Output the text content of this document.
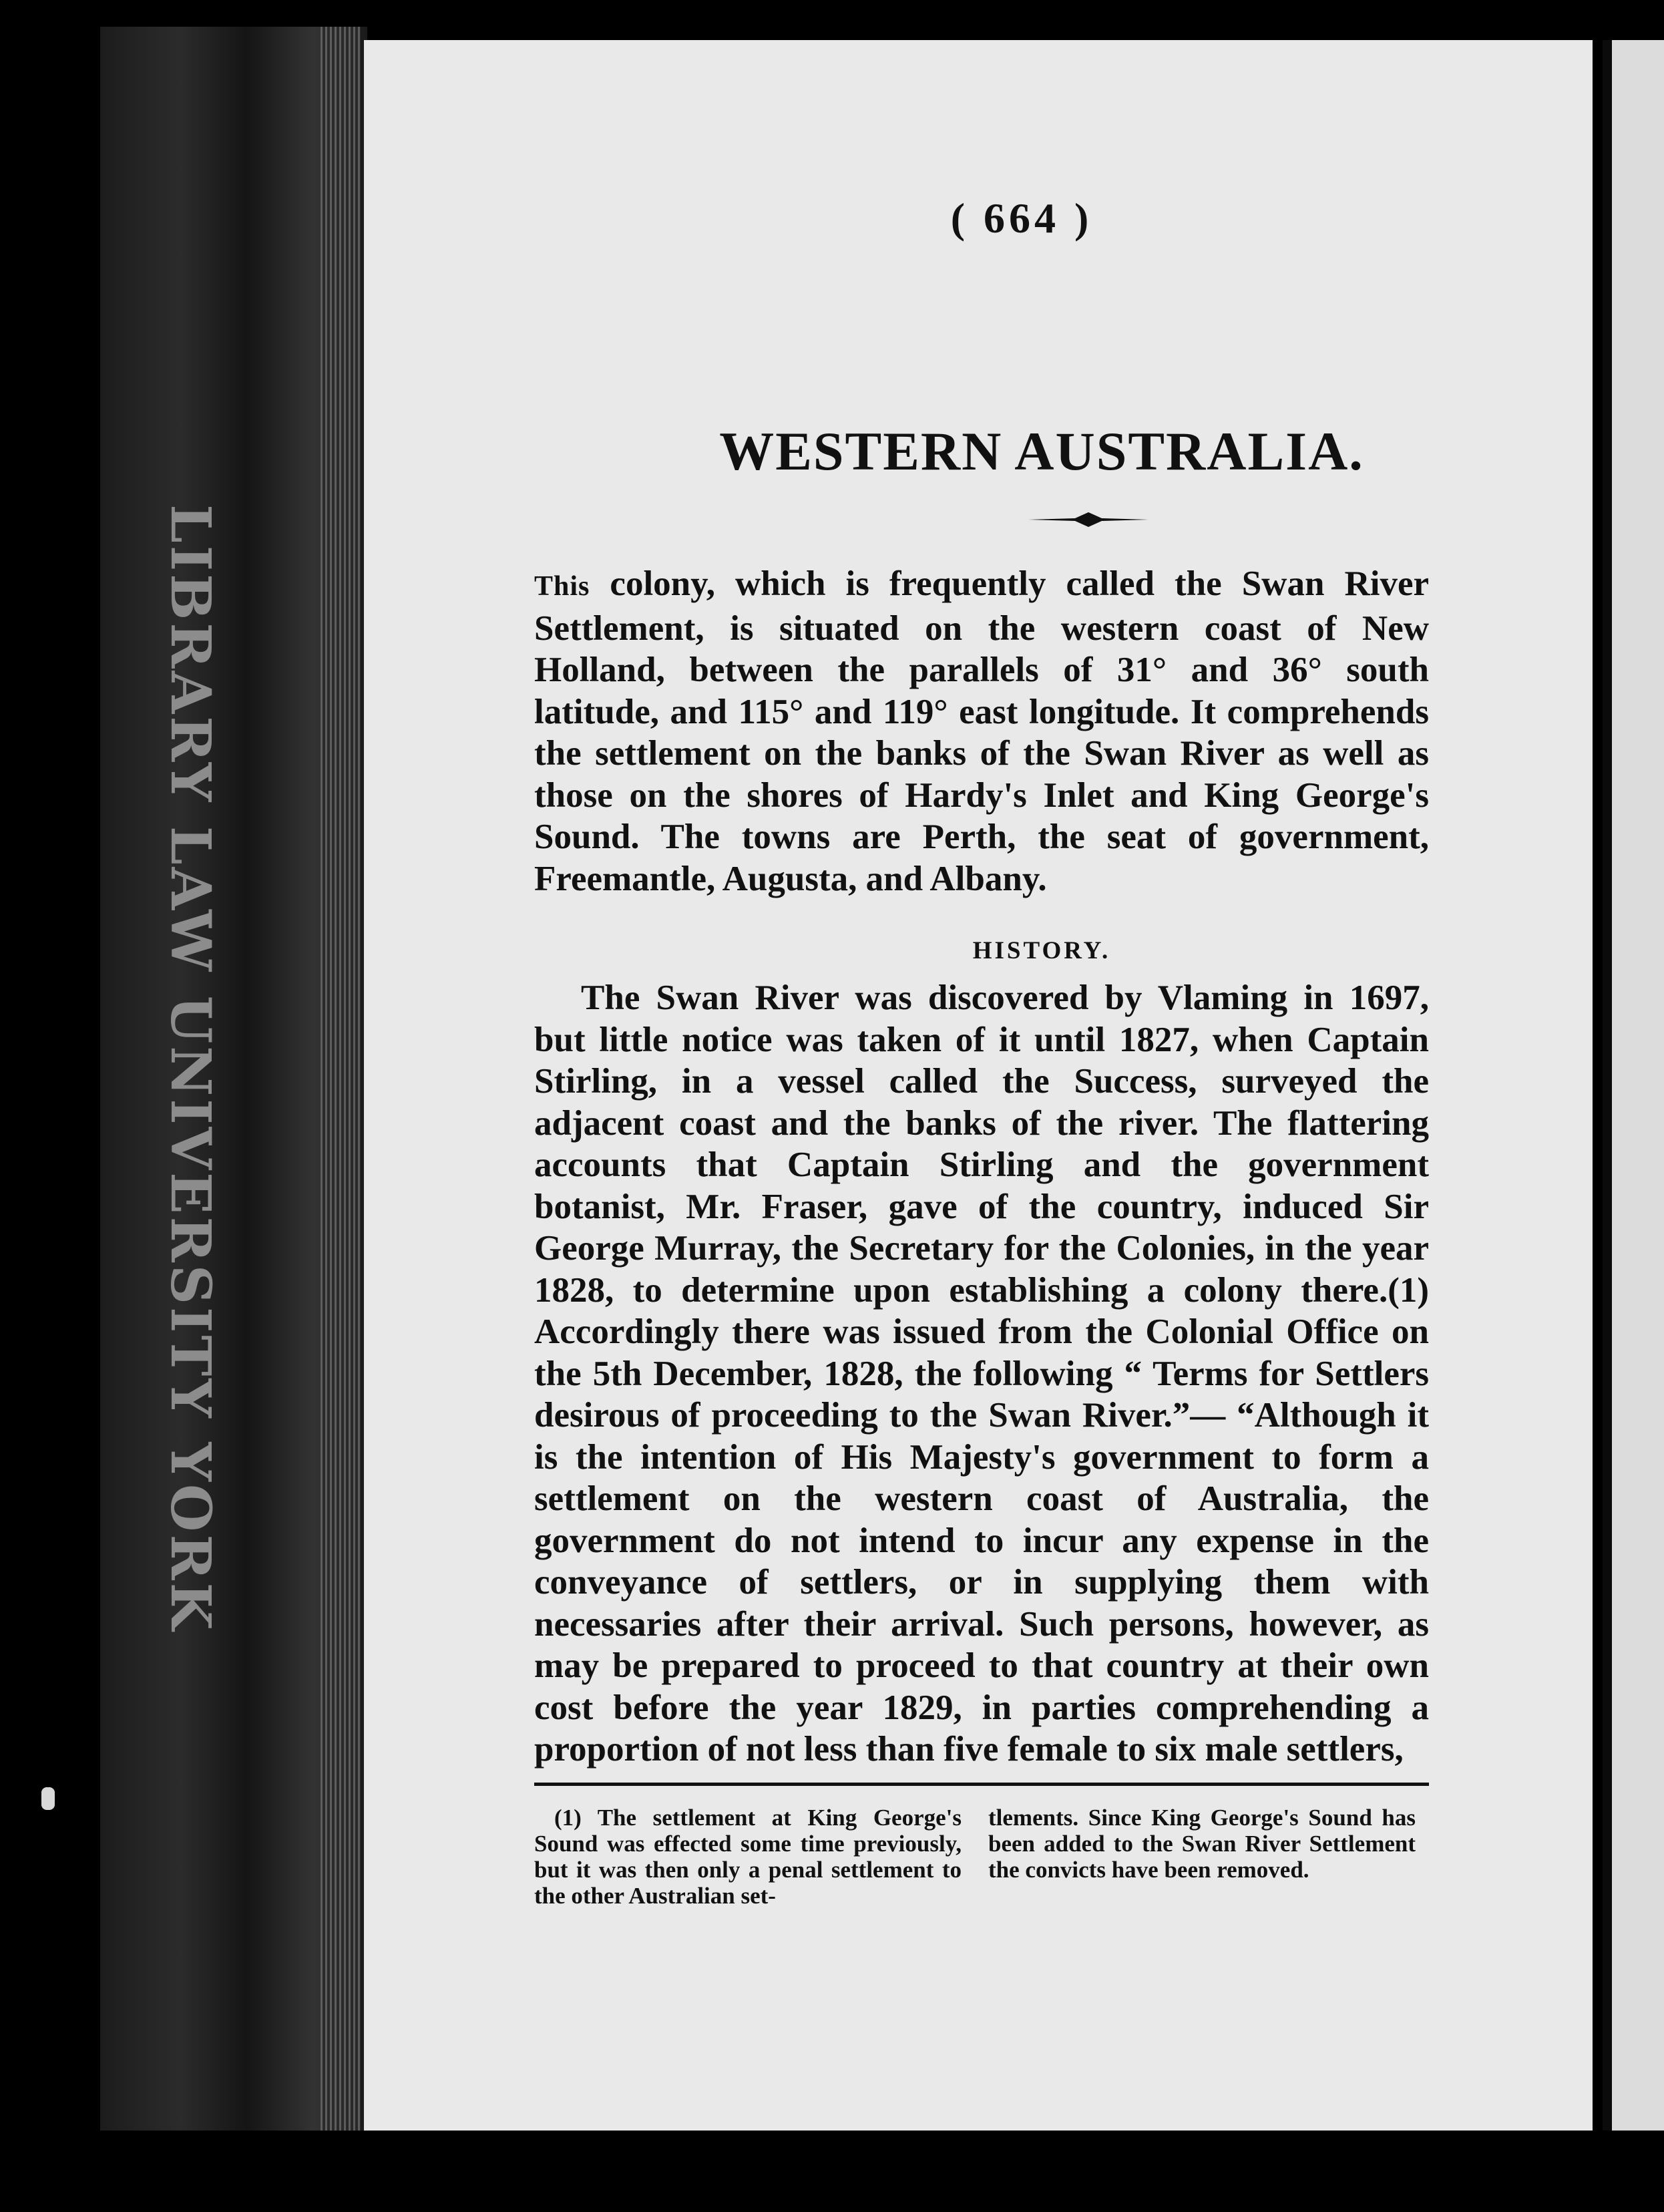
LIBRARY LAW UNIVERSITY YORK
( 664 )
WESTERN AUSTRALIA.

This colony, which is frequently called the Swan River Settlement, is situated on the western coast of New Holland, between the parallels of 31° and 36° south latitude, and 115° and 119° east longitude. It comprehends the settlement on the banks of the Swan River as well as those on the shores of Hardy's Inlet and King George's Sound. The towns are Perth, the seat of government, Freemantle, Augusta, and Albany.

HISTORY.

The Swan River was discovered by Vlaming in 1697, but little notice was taken of it until 1827, when Captain Stirling, in a vessel called the Success, surveyed the adjacent coast and the banks of the river. The flattering accounts that Captain Stirling and the government botanist, Mr. Fraser, gave of the country, induced Sir George Murray, the Secretary for the Colonies, in the year 1828, to determine upon establishing a colony there.(1) Accordingly there was issued from the Colonial Office on the 5th December, 1828, the following “ Terms for Settlers desirous of proceeding to the Swan River.”— “Although it is the intention of His Majesty's government to form a settlement on the western coast of Australia, the government do not intend to incur any expense in the conveyance of settlers, or in supplying them with necessaries after their arrival. Such persons, however, as may be prepared to proceed to that country at their own cost before the year 1829, in parties comprehending a proportion of not less than five female to six male settlers,

(1) The settlement at King George's Sound was effected some time previously, but it was then only a penal settlement to the other Australian set-
tlements. Since King George's Sound has been added to the Swan River Settlement the convicts have been removed.
